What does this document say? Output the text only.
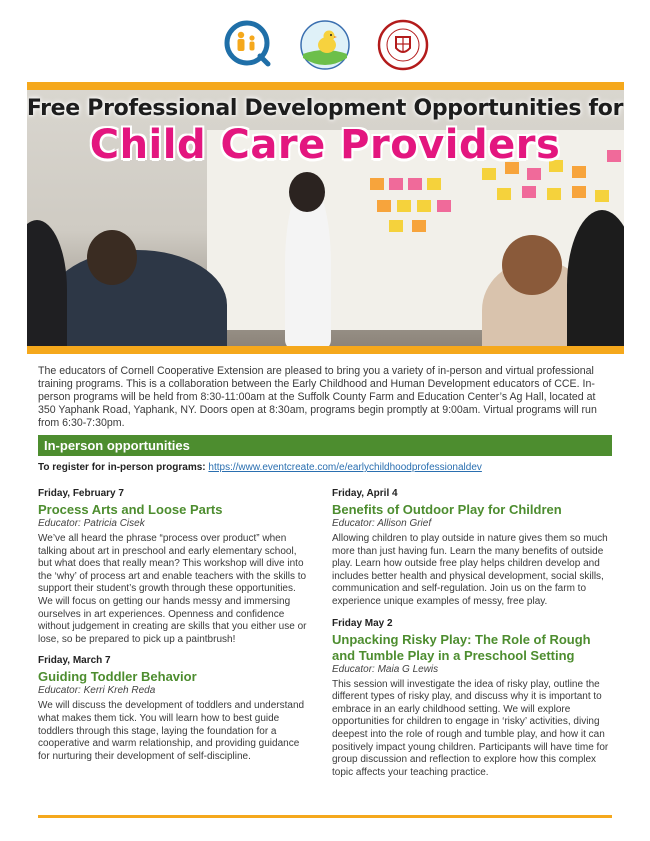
Free Professional Development Opportunities for
Child Care Providers

The educators of Cornell Cooperative Extension are pleased to bring you a variety of in-person and virtual professional training programs. This is a collaboration between the Early Childhood and Human Development educators of CCE. In-person programs will be held from 8:30-11:00am at the Suffolk County Farm and Education Center’s Ag Hall, located at 350 Yaphank Road, Yaphank, NY. Doors open at 8:30am, programs begin promptly at 9:00am. Virtual programs will run from 6:30-7:30pm.

In-person opportunities
To register for in-person programs: https://www.eventcreate.com/e/earlychildhoodprofessionaldev
Friday, February 7
Process Arts and Loose Parts
Educator: Patricia Cisek
We’ve all heard the phrase “process over product” when talking about art in preschool and early elementary school, but what does that really mean? This workshop will dive into the ‘why’ of process art and enable teachers with the skills to support their student’s growth through these opportunities. We will focus on getting our hands messy and immersing ourselves in art experiences. Openness and confidence without judgement in creating are skills that you either use or lose, so be prepared to pick up a paintbrush!
Friday, March 7
Guiding Toddler Behavior
Educator: Kerri Kreh Reda
We will discuss the development of toddlers and understand what makes them tick. You will learn how to best guide toddlers through this stage, laying the foundation for a cooperative and warm relationship, and providing guidance for nurturing their development of self-discipline.
Friday, April 4
Benefits of Outdoor Play for Children
Educator: Allison Grief
Allowing children to play outside in nature gives them so much more than just having fun. Learn the many benefits of outside play. Learn how outside free play helps children develop and includes better health and physical development, social skills, communication and self-regulation. Join us on the farm to experience unique examples of messy, free play.
Friday May 2
Unpacking Risky Play: The Role of Rough and Tumble Play in a Preschool Setting
Educator: Maia G Lewis
This session will investigate the idea of risky play, outline the different types of risky play, and discuss why it is important to embrace in an early childhood setting. We will explore opportunities for children to engage in ‘risky’ activities, diving deepest into the role of rough and tumble play, and how it can positively impact young children. Participants will have time for group discussion and reflection to explore how this complex topic affects your teaching practice.
